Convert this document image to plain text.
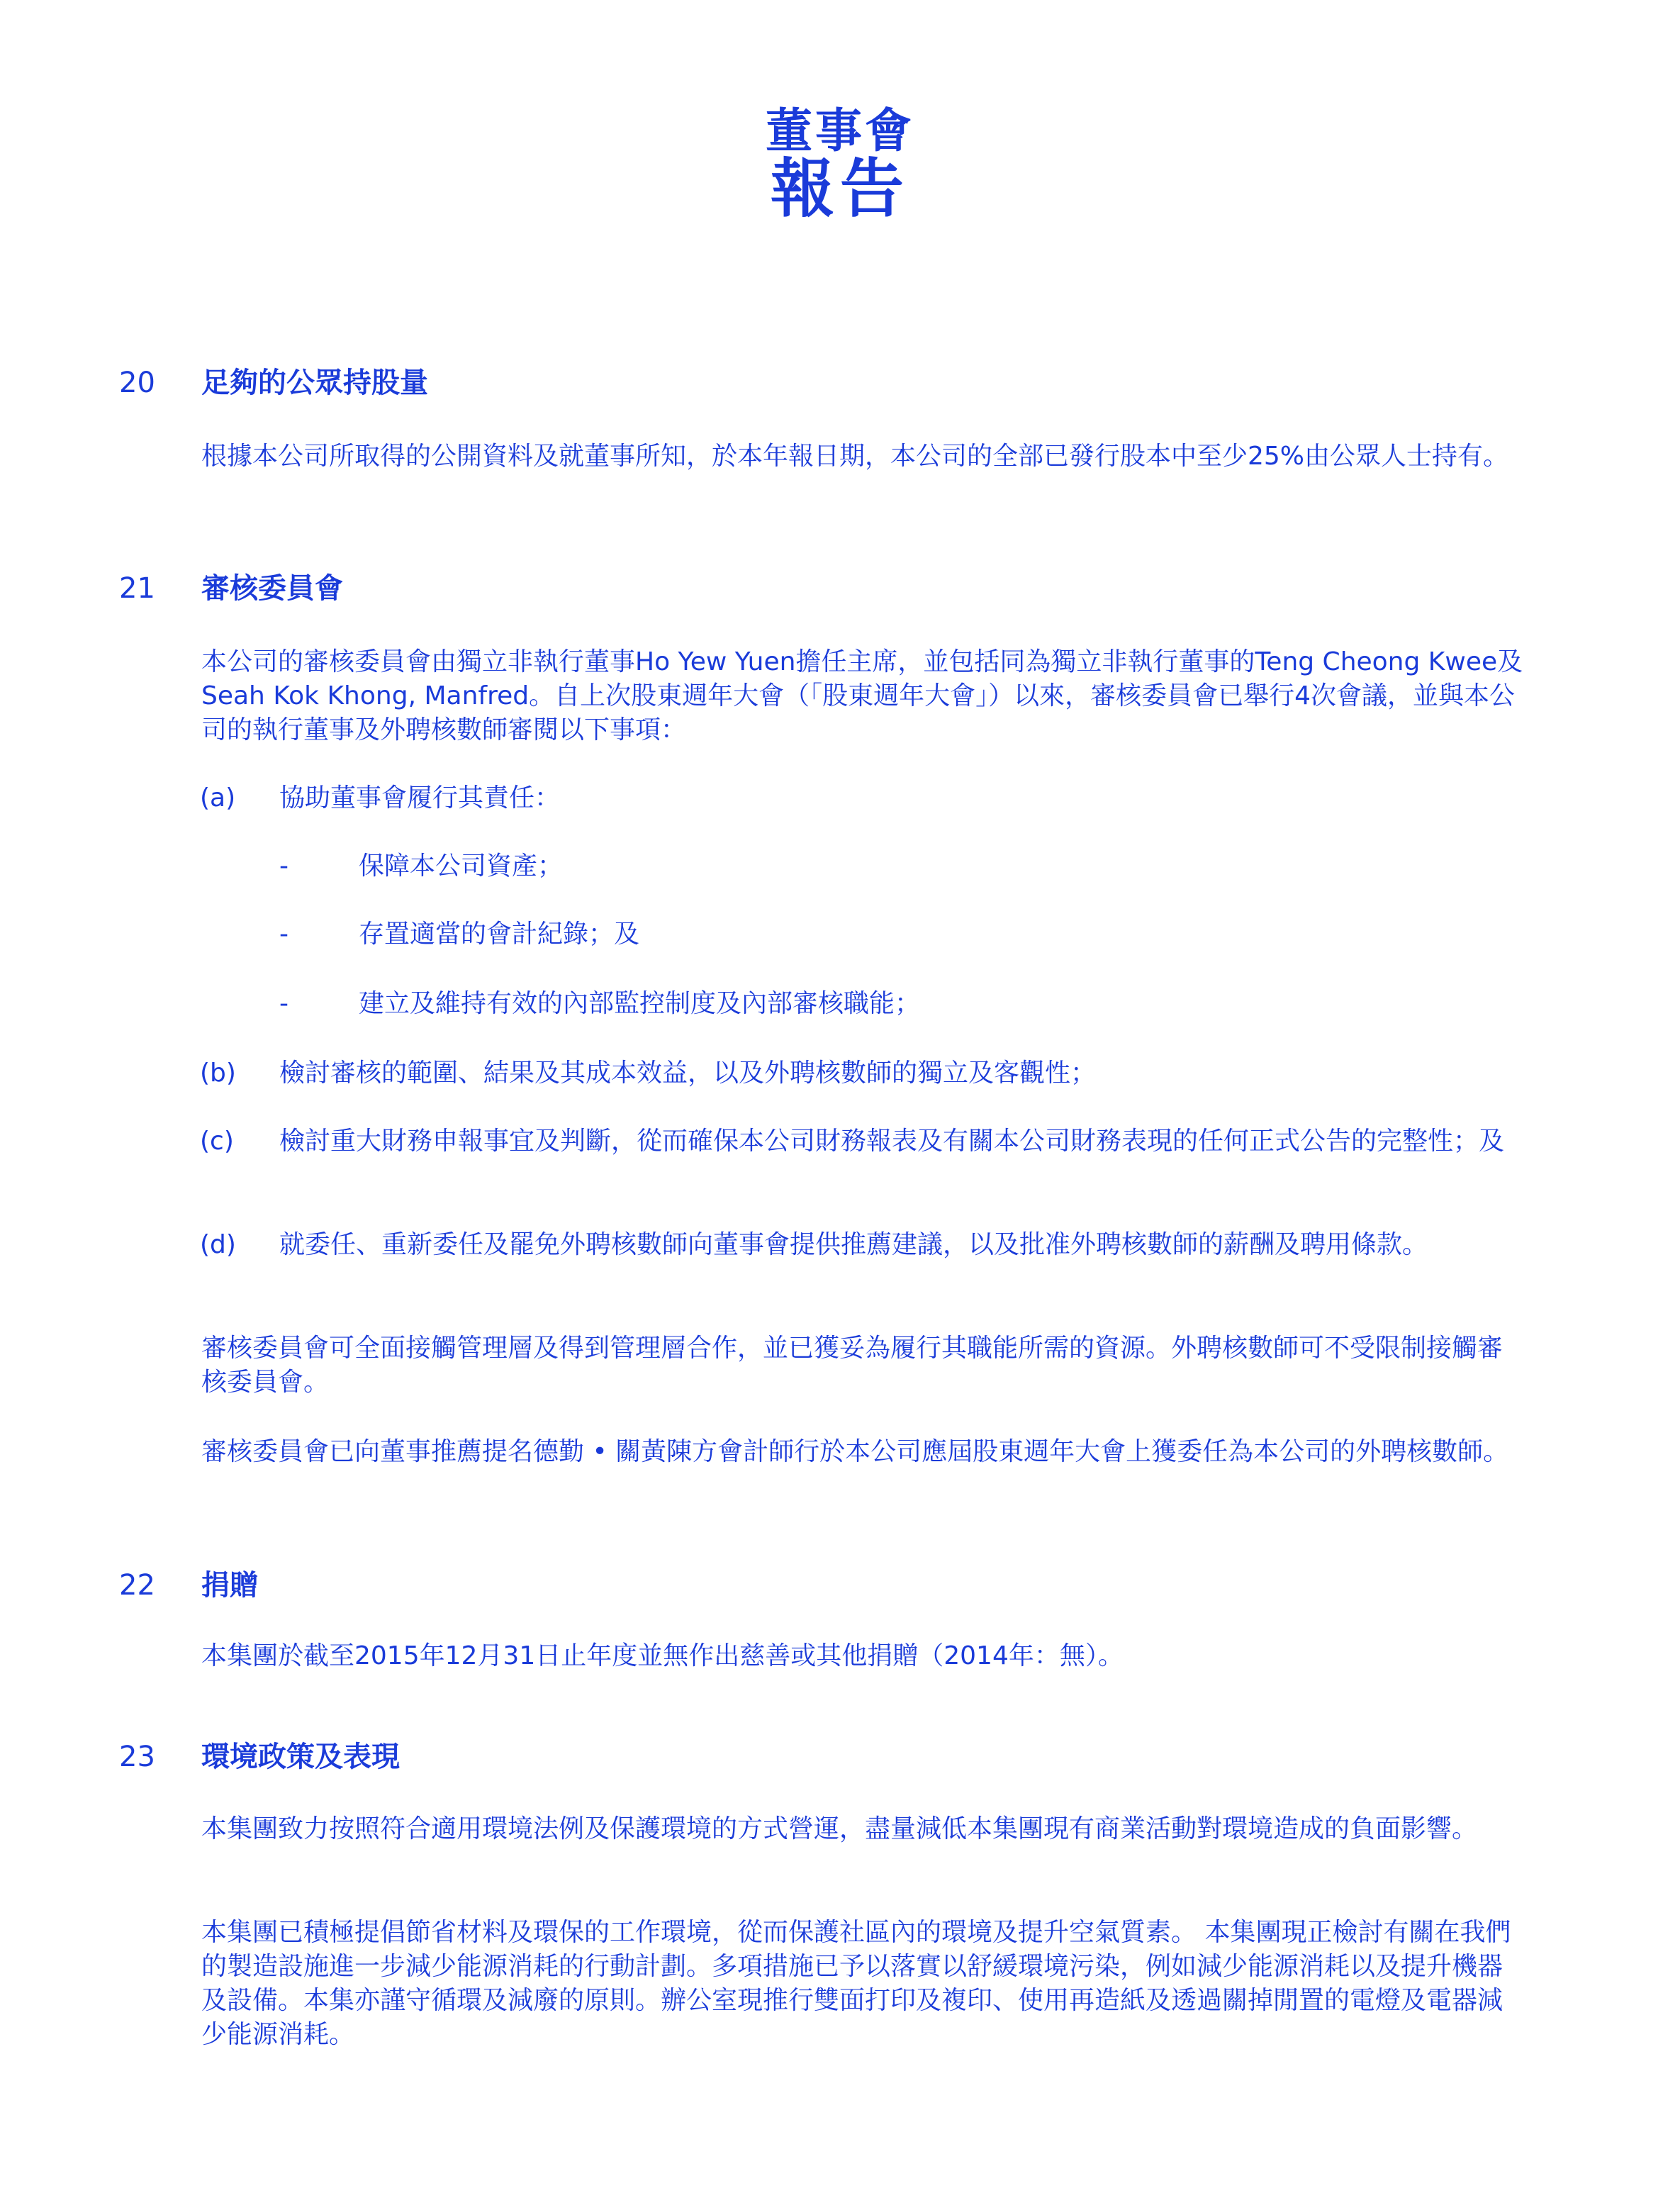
董事會
報告
20	足夠的公眾持股量
根據本公司所取得的公開資料及就董事所知，於本年報日期，本公司的全部已發行股本中至少25%由公眾人士持有。
21	審核委員會
本公司的審核委員會由獨立非執行董事Ho Yew Yuen擔任主席，並包括同為獨立非執行董事的Teng Cheong Kwee及Seah Kok Khong, Manfred。自上次股東週年大會（「股東週年大會」）以來，審核委員會已舉行4次會議，並與本公司的執行董事及外聘核數師審閱以下事項：
(a)	協助董事會履行其責任：
-	保障本公司資產；
-	存置適當的會計紀錄；及
-	建立及維持有效的內部監控制度及內部審核職能；
(b)	檢討審核的範圍、結果及其成本效益，以及外聘核數師的獨立及客觀性；
(c)	檢討重大財務申報事宜及判斷，從而確保本公司財務報表及有關本公司財務表現的任何正式公告的完整性；及
(d)	就委任、重新委任及罷免外聘核數師向董事會提供推薦建議，以及批准外聘核數師的薪酬及聘用條款。
審核委員會可全面接觸管理層及得到管理層合作，並已獲妥為履行其職能所需的資源。外聘核數師可不受限制接觸審核委員會。
審核委員會已向董事推薦提名德勤 • 關黃陳方會計師行於本公司應屆股東週年大會上獲委任為本公司的外聘核數師。
22	捐贈
本集團於截至2015年12月31日止年度並無作出慈善或其他捐贈（2014年：無）。
23	環境政策及表現
本集團致力按照符合適用環境法例及保護環境的方式營運，盡量減低本集團現有商業活動對環境造成的負面影響。
本集團已積極提倡節省材料及環保的工作環境，從而保護社區內的環境及提升空氣質素。 本集團現正檢討有關在我們的製造設施進一步減少能源消耗的行動計劃。多項措施已予以落實以舒緩環境污染，例如減少能源消耗以及提升機器及設備。本集亦謹守循環及減廢的原則。辦公室現推行雙面打印及複印、使用再造紙及透過關掉閒置的電燈及電器減少能源消耗。
